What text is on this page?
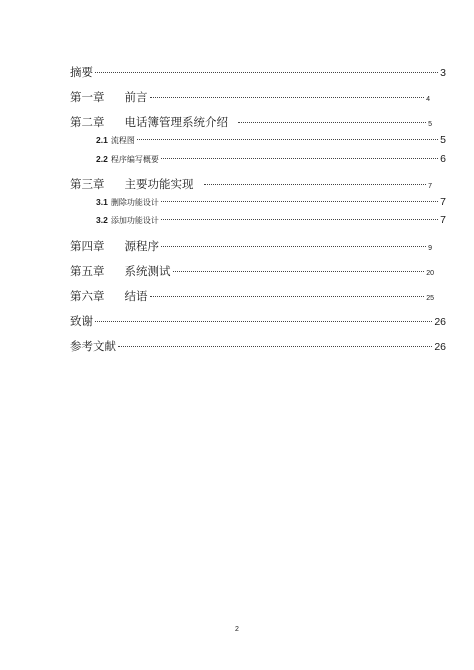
摘要	3
第一章 前言	4
第二章 电话簿管理系统介绍	5
2.1 流程图	5
2.2 程序编写概要	6
第三章 主要功能实现	7
3.1 删除功能设计	7
3.2 添加功能设计	7
第四章 源程序	9
第五章 系统测试	20
第六章 结语	25
致谢	26
参考文献	26
2
